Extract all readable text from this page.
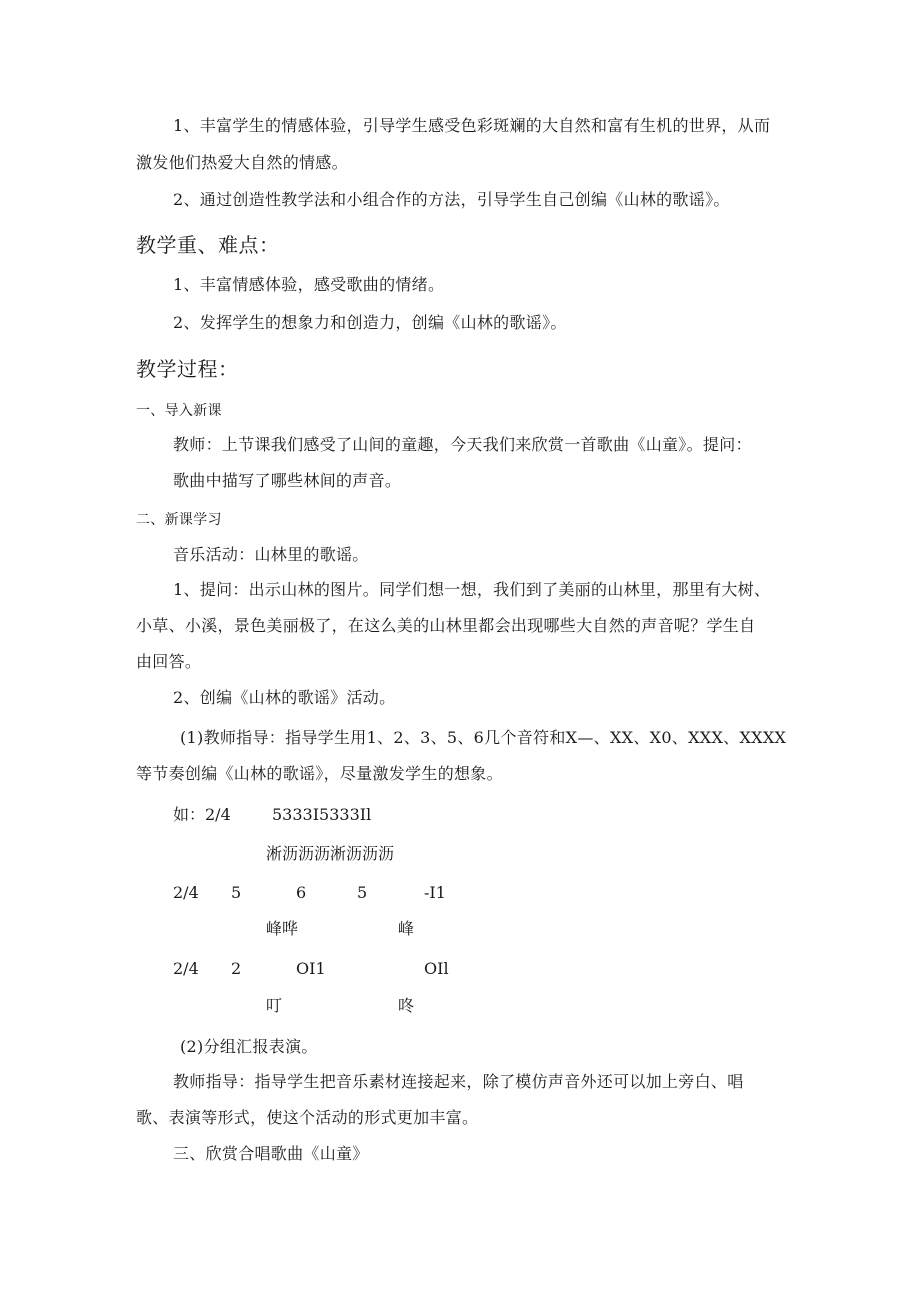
1、丰富学生的情感体验，引导学生感受色彩斑斓的大自然和富有生机的世界，从而
激发他们热爱大自然的情感。
2、通过创造性教学法和小组合作的方法，引导学生自己创编《山林的歌谣》。
教学重、难点：
1、丰富情感体验，感受歌曲的情绪。
2、发挥学生的想象力和创造力，创编《山林的歌谣》。
教学过程：
一、导入新课
教师：上节课我们感受了山间的童趣，今天我们来欣赏一首歌曲《山童》。提问：
歌曲中描写了哪些林间的声音。
二、新课学习
音乐活动：山林里的歌谣。
1、提问：出示山林的图片。同学们想一想，我们到了美丽的山林里，那里有大树、
小草、小溪，景色美丽极了，在这么美的山林里都会出现哪些大自然的声音呢？学生自
由回答。
2、创编《山林的歌谣》活动。
(1)教师指导：指导学生用1、2、3、5、6几个音符和X—、XX、X0、XXX、XXXX
等节奏创编《山林的歌谣》，尽量激发学生的想象。
如：2/4	5333I5333Il
淅沥沥沥淅沥沥沥
2/4 5	6	5	-I1
峰哗	峰
2/4 2	OI1	OIl
叮	咚
(2)分组汇报表演。
教师指导：指导学生把音乐素材连接起来，除了模仿声音外还可以加上旁白、唱
歌、表演等形式，使这个活动的形式更加丰富。
三、欣赏合唱歌曲《山童》
